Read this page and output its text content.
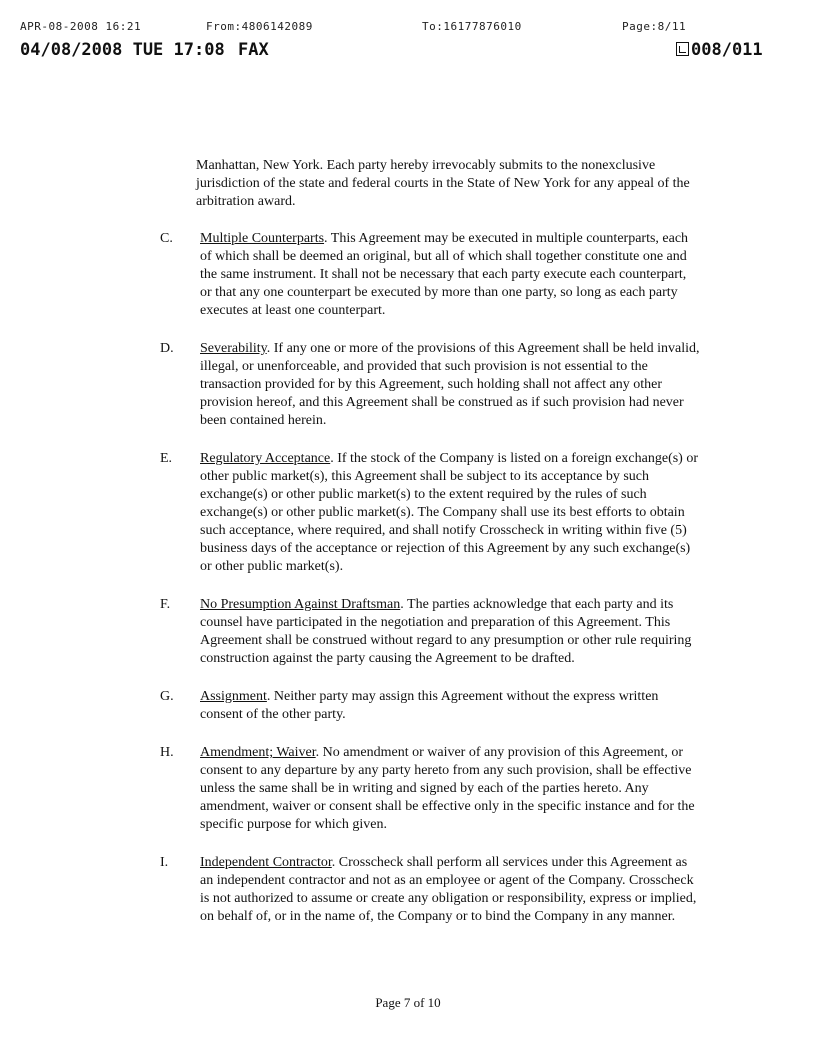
APR-08-2008 16:21	From:4806142089	To:16177876010	Page:8/11
04/08/2008 TUE 17:08 FAX	008/011
Manhattan, New York. Each party hereby irrevocably submits to the nonexclusive jurisdiction of the state and federal courts in the State of New York for any appeal of the arbitration award.
C.	Multiple Counterparts. This Agreement may be executed in multiple counterparts, each of which shall be deemed an original, but all of which shall together constitute one and the same instrument. It shall not be necessary that each party execute each counterpart, or that any one counterpart be executed by more than one party, so long as each party executes at least one counterpart.
D.	Severability. If any one or more of the provisions of this Agreement shall be held invalid, illegal, or unenforceable, and provided that such provision is not essential to the transaction provided for by this Agreement, such holding shall not affect any other provision hereof, and this Agreement shall be construed as if such provision had never been contained herein.
E.	Regulatory Acceptance. If the stock of the Company is listed on a foreign exchange(s) or other public market(s), this Agreement shall be subject to its acceptance by such exchange(s) or other public market(s) to the extent required by the rules of such exchange(s) or other public market(s). The Company shall use its best efforts to obtain such acceptance, where required, and shall notify Crosscheck in writing within five (5) business days of the acceptance or rejection of this Agreement by any such exchange(s) or other public market(s).
F.	No Presumption Against Draftsman. The parties acknowledge that each party and its counsel have participated in the negotiation and preparation of this Agreement. This Agreement shall be construed without regard to any presumption or other rule requiring construction against the party causing the Agreement to be drafted.
G.	Assignment. Neither party may assign this Agreement without the express written consent of the other party.
H.	Amendment; Waiver. No amendment or waiver of any provision of this Agreement, or consent to any departure by any party hereto from any such provision, shall be effective unless the same shall be in writing and signed by each of the parties hereto. Any amendment, waiver or consent shall be effective only in the specific instance and for the specific purpose for which given.
I.	Independent Contractor. Crosscheck shall perform all services under this Agreement as an independent contractor and not as an employee or agent of the Company. Crosscheck is not authorized to assume or create any obligation or responsibility, express or implied, on behalf of, or in the name of, the Company or to bind the Company in any manner.
Page 7 of 10
